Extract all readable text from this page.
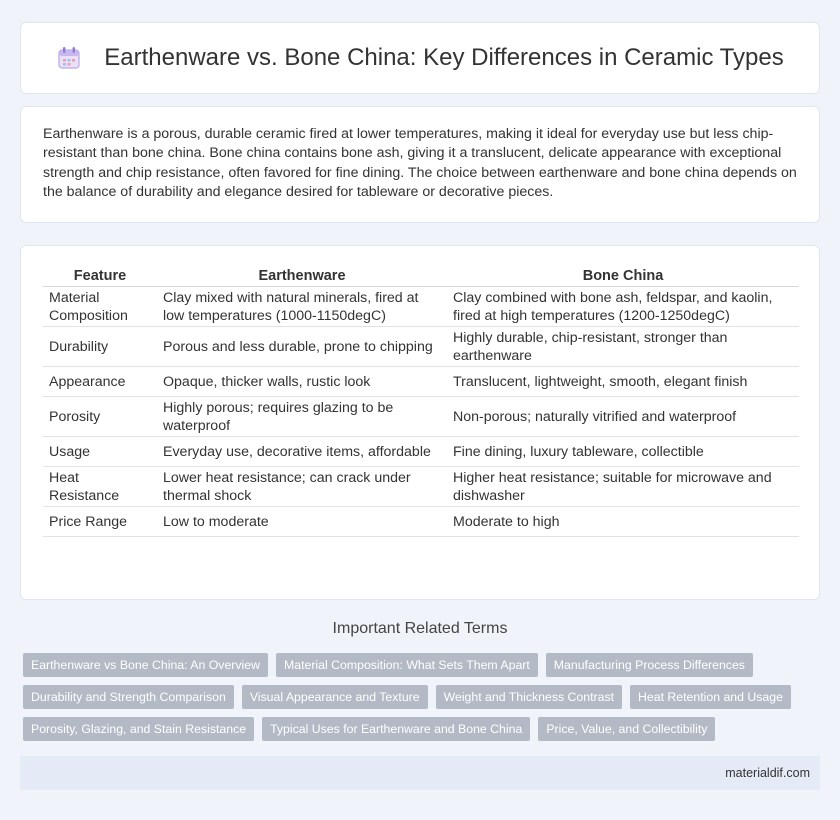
Earthenware vs. Bone China: Key Differences in Ceramic Types

Earthenware is a porous, durable ceramic fired at lower temperatures, making it ideal for everyday use but less chip-resistant than bone china. Bone china contains bone ash, giving it a translucent, delicate appearance with exceptional strength and chip resistance, often favored for fine dining. The choice between earthenware and bone china depends on the balance of durability and elegance desired for tableware or decorative pieces.

Feature	Earthenware	Bone China
Material Composition	Clay mixed with natural minerals, fired at low temperatures (1000-1150degC)	Clay combined with bone ash, feldspar, and kaolin, fired at high temperatures (1200-1250degC)
Durability	Porous and less durable, prone to chipping	Highly durable, chip-resistant, stronger than earthenware
Appearance	Opaque, thicker walls, rustic look	Translucent, lightweight, smooth, elegant finish
Porosity	Highly porous; requires glazing to be waterproof	Non-porous; naturally vitrified and waterproof
Usage	Everyday use, decorative items, affordable	Fine dining, luxury tableware, collectible
Heat Resistance	Lower heat resistance; can crack under thermal shock	Higher heat resistance; suitable for microwave and dishwasher
Price Range	Low to moderate	Moderate to high
Important Related Terms
Earthenware vs Bone China: An Overview	Material Composition: What Sets Them Apart	Manufacturing Process Differences
Durability and Strength Comparison	Visual Appearance and Texture	Weight and Thickness Contrast	Heat Retention and Usage
Porosity, Glazing, and Stain Resistance	Typical Uses for Earthenware and Bone China	Price, Value, and Collectibility
materialdif.com
